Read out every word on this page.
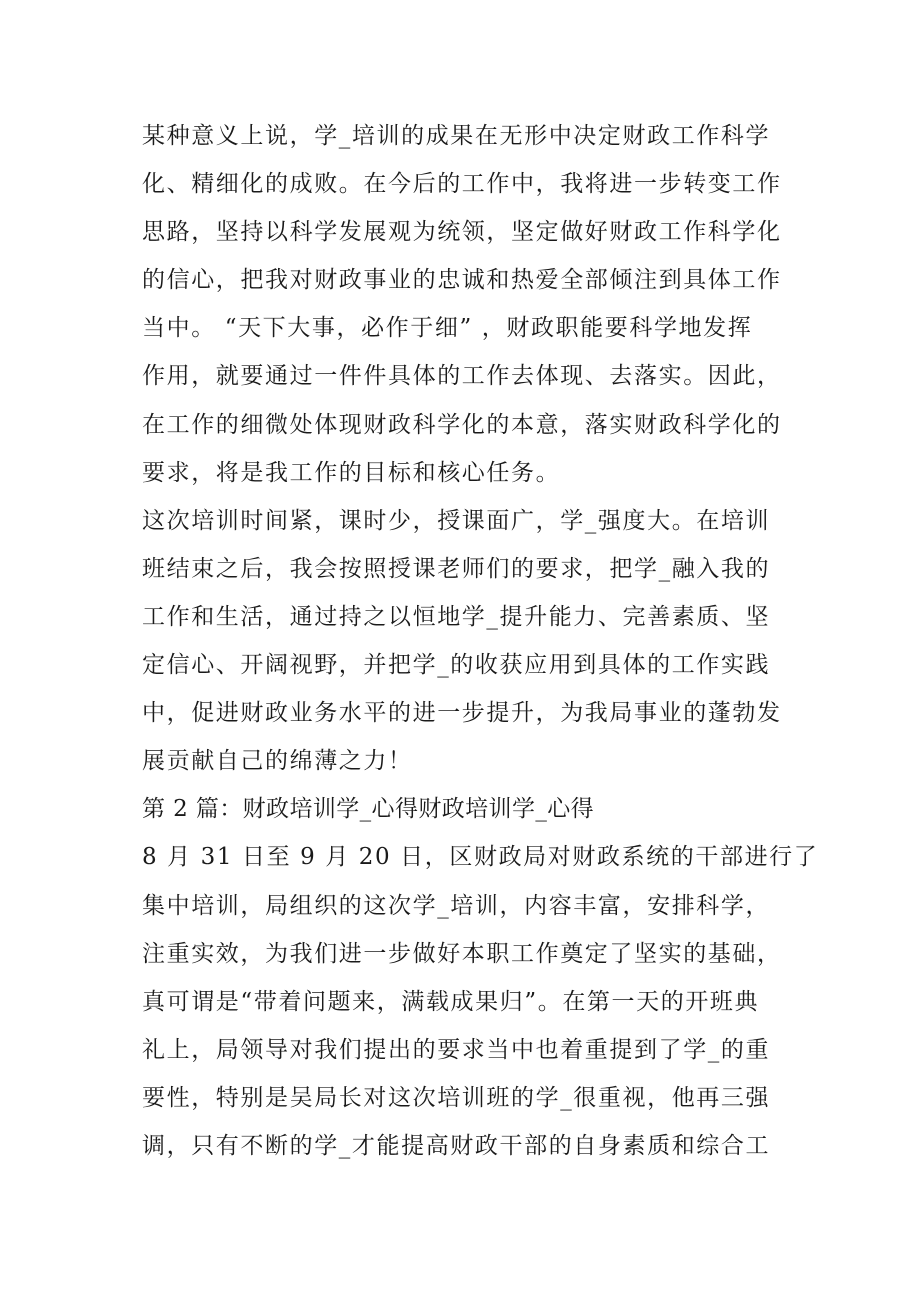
某种意义上说，学_培训的成果在无形中决定财政工作科学
化、精细化的成败。在今后的工作中，我将进一步转变工作
思路，坚持以科学发展观为统领，坚定做好财政工作科学化
的信心，把我对财政事业的忠诚和热爱全部倾注到具体工作
当中。 “天下大事，必作于细” ，财政职能要科学地发挥
作用，就要通过一件件具体的工作去体现、去落实。因此，
在工作的细微处体现财政科学化的本意，落实财政科学化的
要求，将是我工作的目标和核心任务。
这次培训时间紧，课时少，授课面广，学_强度大。在培训
班结束之后，我会按照授课老师们的要求，把学_融入我的
工作和生活，通过持之以恒地学_提升能力、完善素质、坚
定信心、开阔视野，并把学_的收获应用到具体的工作实践
中，促进财政业务水平的进一步提升，为我局事业的蓬勃发
展贡献自己的绵薄之力！
第 2 篇：财政培训学_心得财政培训学_心得
8 月 31 日至 9 月 20 日，区财政局对财政系统的干部进行了
集中培训，局组织的这次学_培训，内容丰富，安排科学，
注重实效，为我们进一步做好本职工作奠定了坚实的基础，
真可谓是“带着问题来，满载成果归”。在第一天的开班典
礼上，局领导对我们提出的要求当中也着重提到了学_的重
要性，特别是吴局长对这次培训班的学_很重视，他再三强
调，只有不断的学_才能提高财政干部的自身素质和综合工
